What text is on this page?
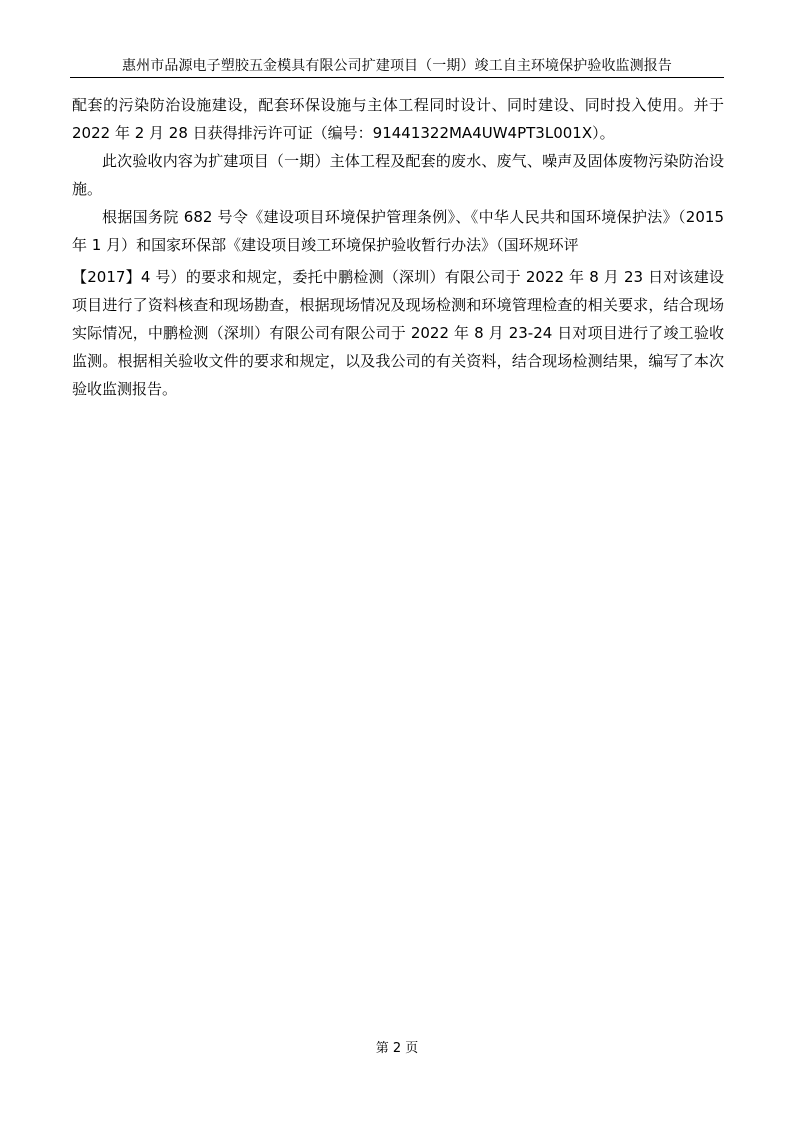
惠州市品源电子塑胶五金模具有限公司扩建项目（一期）竣工自主环境保护验收监测报告

配套的污染防治设施建设，配套环保设施与主体工程同时设计、同时建设、同时投入使用。并于 2022 年 2 月 28 日获得排污许可证（编号：91441322MA4UW4PT3L001X）。

此次验收内容为扩建项目（一期）主体工程及配套的废水、废气、噪声及固体废物污染防治设施。

根据国务院 682 号令《建设项目环境保护管理条例》、《中华人民共和国环境保护法》（2015 年 1 月）和国家环保部《建设项目竣工环境保护验收暂行办法》（国环规环评

【2017】4 号）的要求和规定，委托中鹏检测（深圳）有限公司于 2022 年 8 月 23 日对该建设项目进行了资料核查和现场勘查，根据现场情况及现场检测和环境管理检查的相关要求，结合现场实际情况，中鹏检测（深圳）有限公司有限公司于 2022 年 8 月 23-24 日对项目进行了竣工验收监测。根据相关验收文件的要求和规定，以及我公司的有关资料，结合现场检测结果，编写了本次验收监测报告。

第 2 页
